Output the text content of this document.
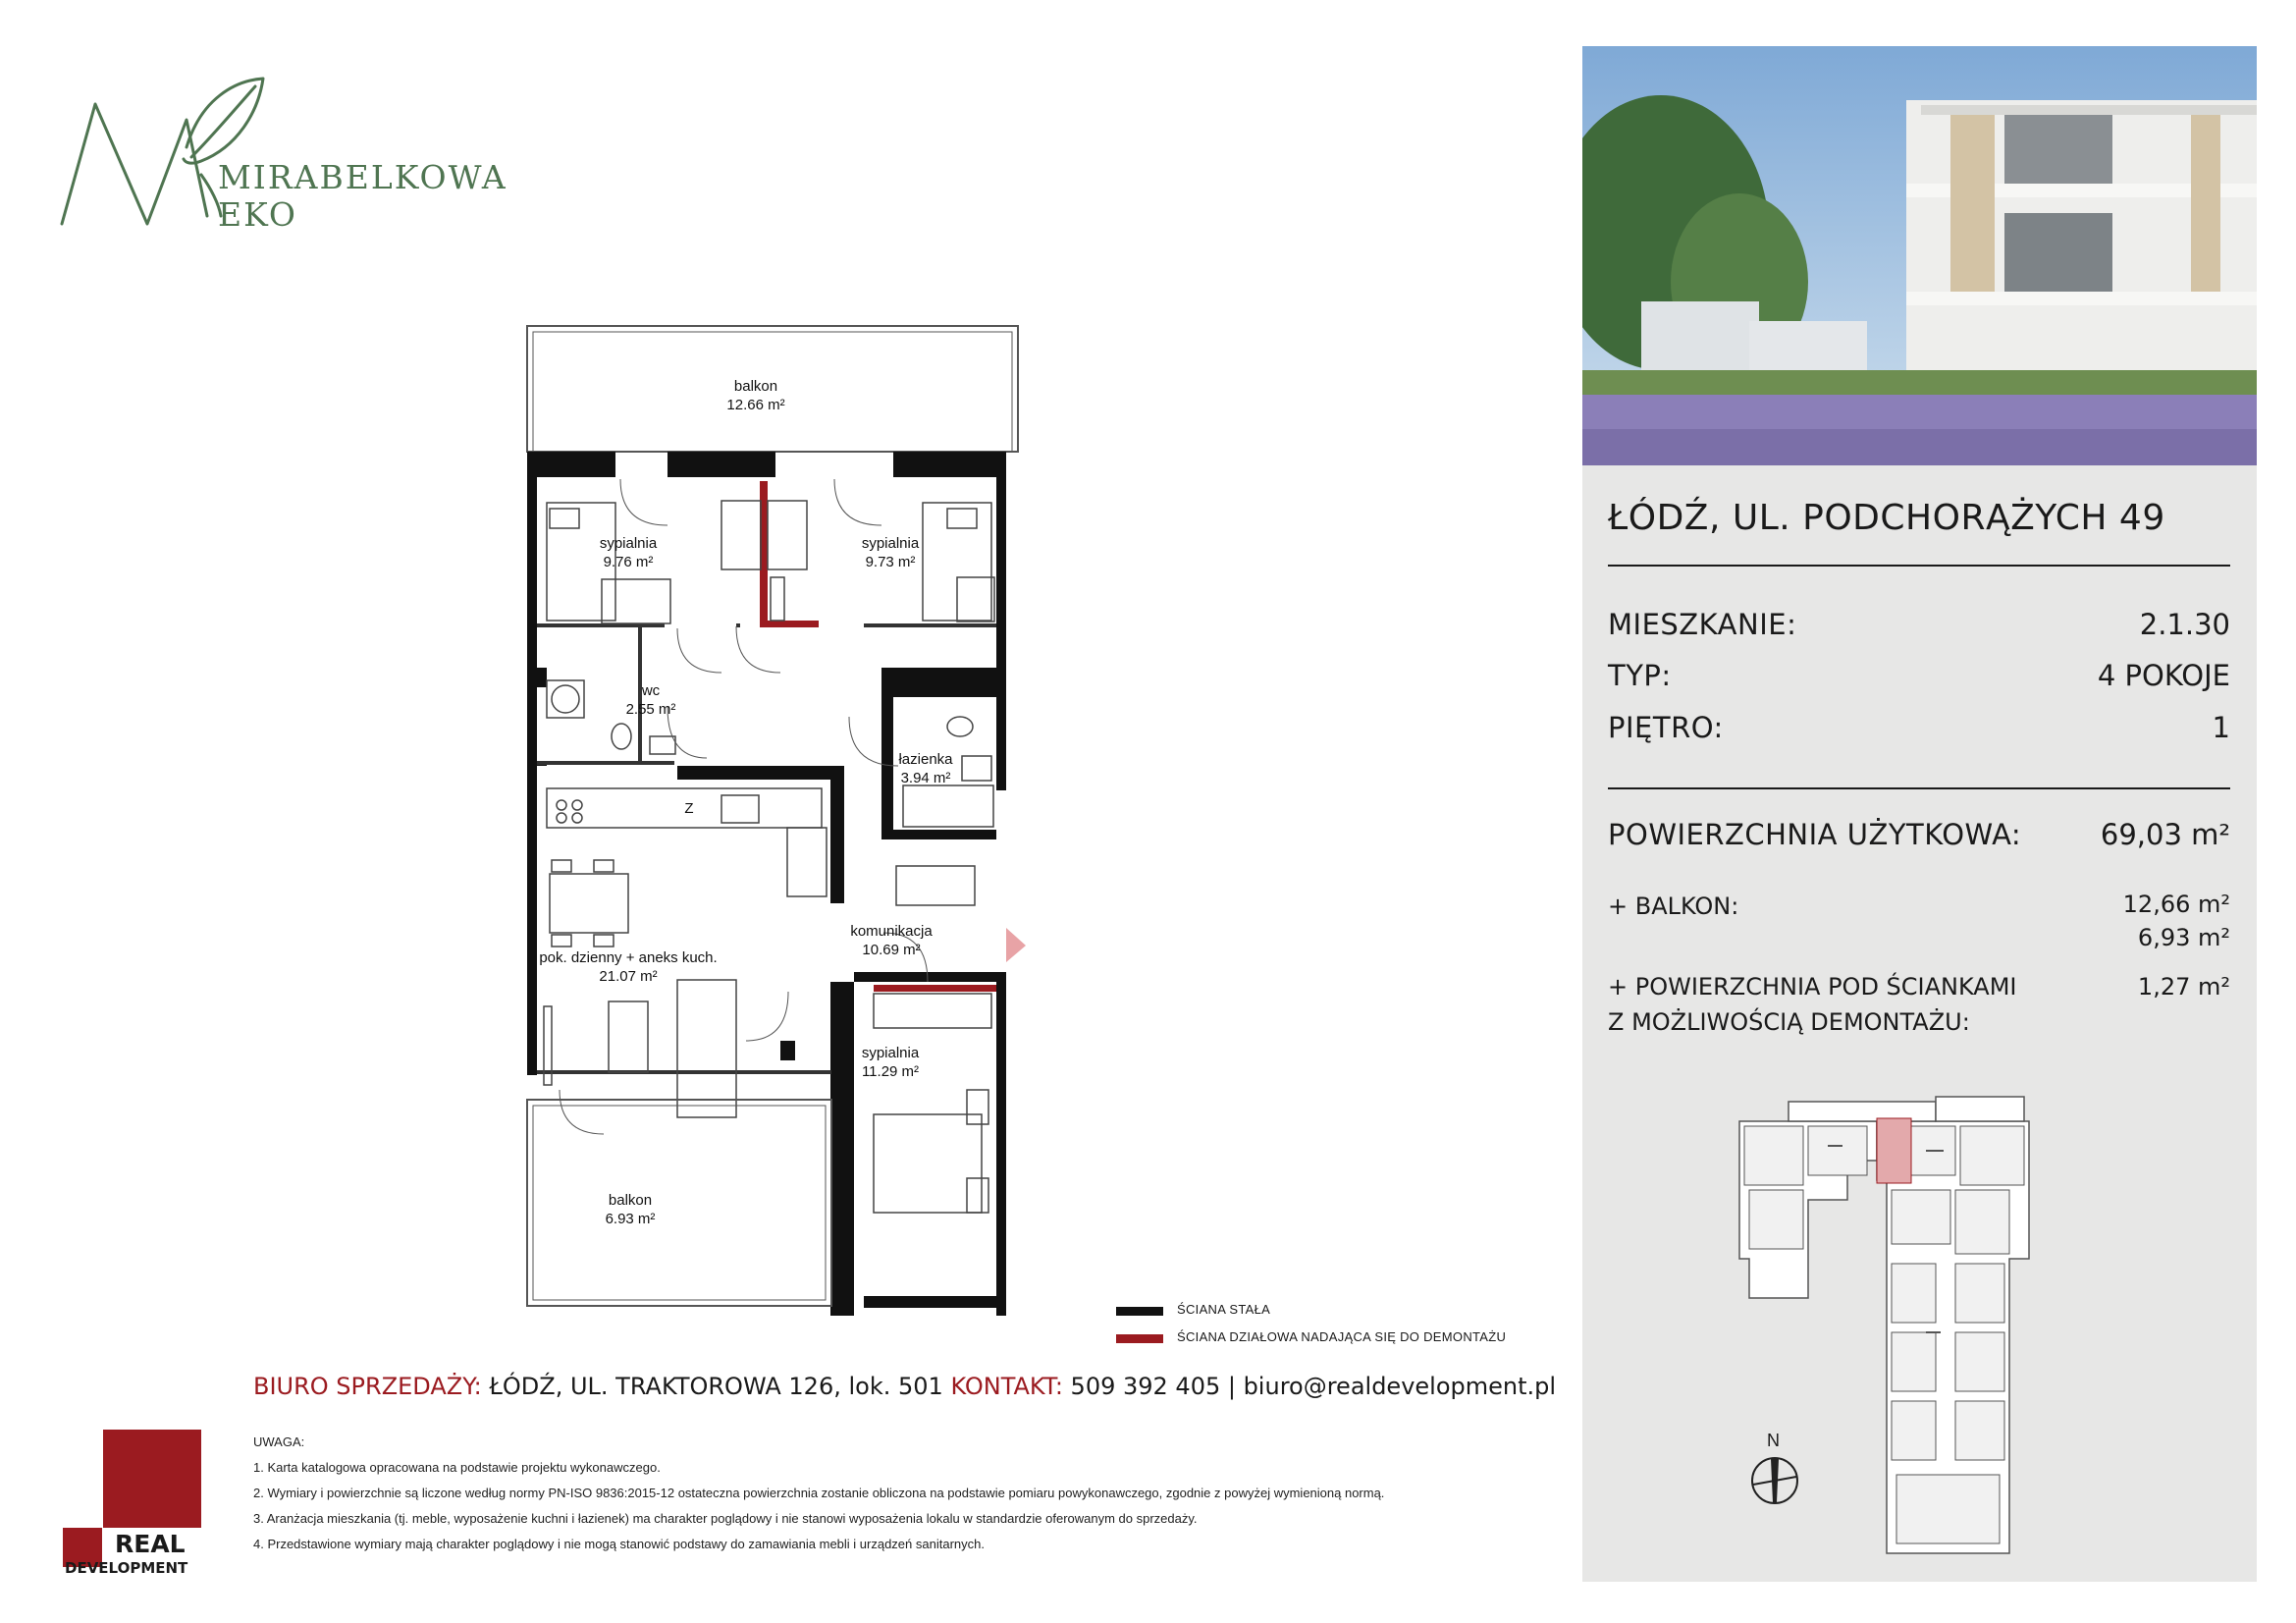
MIRABELKOWA
EKO
balkon
12.66 m²
sypialnia
9.76 m²
sypialnia
9.73 m²
wc
2.55 m²
łazienka
3.94 m²
komunikacja
10.69 m²
pok. dzienny + aneks kuch.
21.07 m²
sypialnia
11.29 m²
balkon
6.93 m²
Z
ŚCIANA STAŁA
ŚCIANA DZIAŁOWA NADAJĄCA SIĘ DO DEMONTAŻU
BIURO SPRZEDAŻY: ŁÓDŹ, UL. TRAKTOROWA 126, lok. 501 KONTAKT: 509 392 405 | biuro@realdevelopment.pl

UWAGA:

1. Karta katalogowa opracowana na podstawie projektu wykonawczego.

2. Wymiary i powierzchnie są liczone według normy PN-ISO 9836:2015-12 ostateczna powierzchnia zostanie obliczona na podstawie pomiaru powykonawczego, zgodnie z powyżej wymienioną normą.

3. Aranżacja mieszkania (tj. meble, wyposażenie kuchni i łazienek) ma charakter poglądowy i nie stanowi wyposażenia lokalu w standardzie oferowanym do sprzedaży.

4. Przedstawione wymiary mają charakter poglądowy i nie mogą stanowić podstawy do zamawiania mebli i urządzeń sanitarnych.

REAL
DEVELOPMENT
ŁÓDŹ, UL. PODCHORĄŻYCH 49
MIESZKANIE:	2.1.30
TYP:	4 POKOJE
PIĘTRO:	1
POWIERZCHNIA UŻYTKOWA:	69,03 m²
+ BALKON:	12,66 m²
6,93 m²
+ POWIERZCHNIA POD ŚCIANKAMI
Z MOŻLIWOŚCIĄ DEMONTAŻU:
1,27 m²
N
